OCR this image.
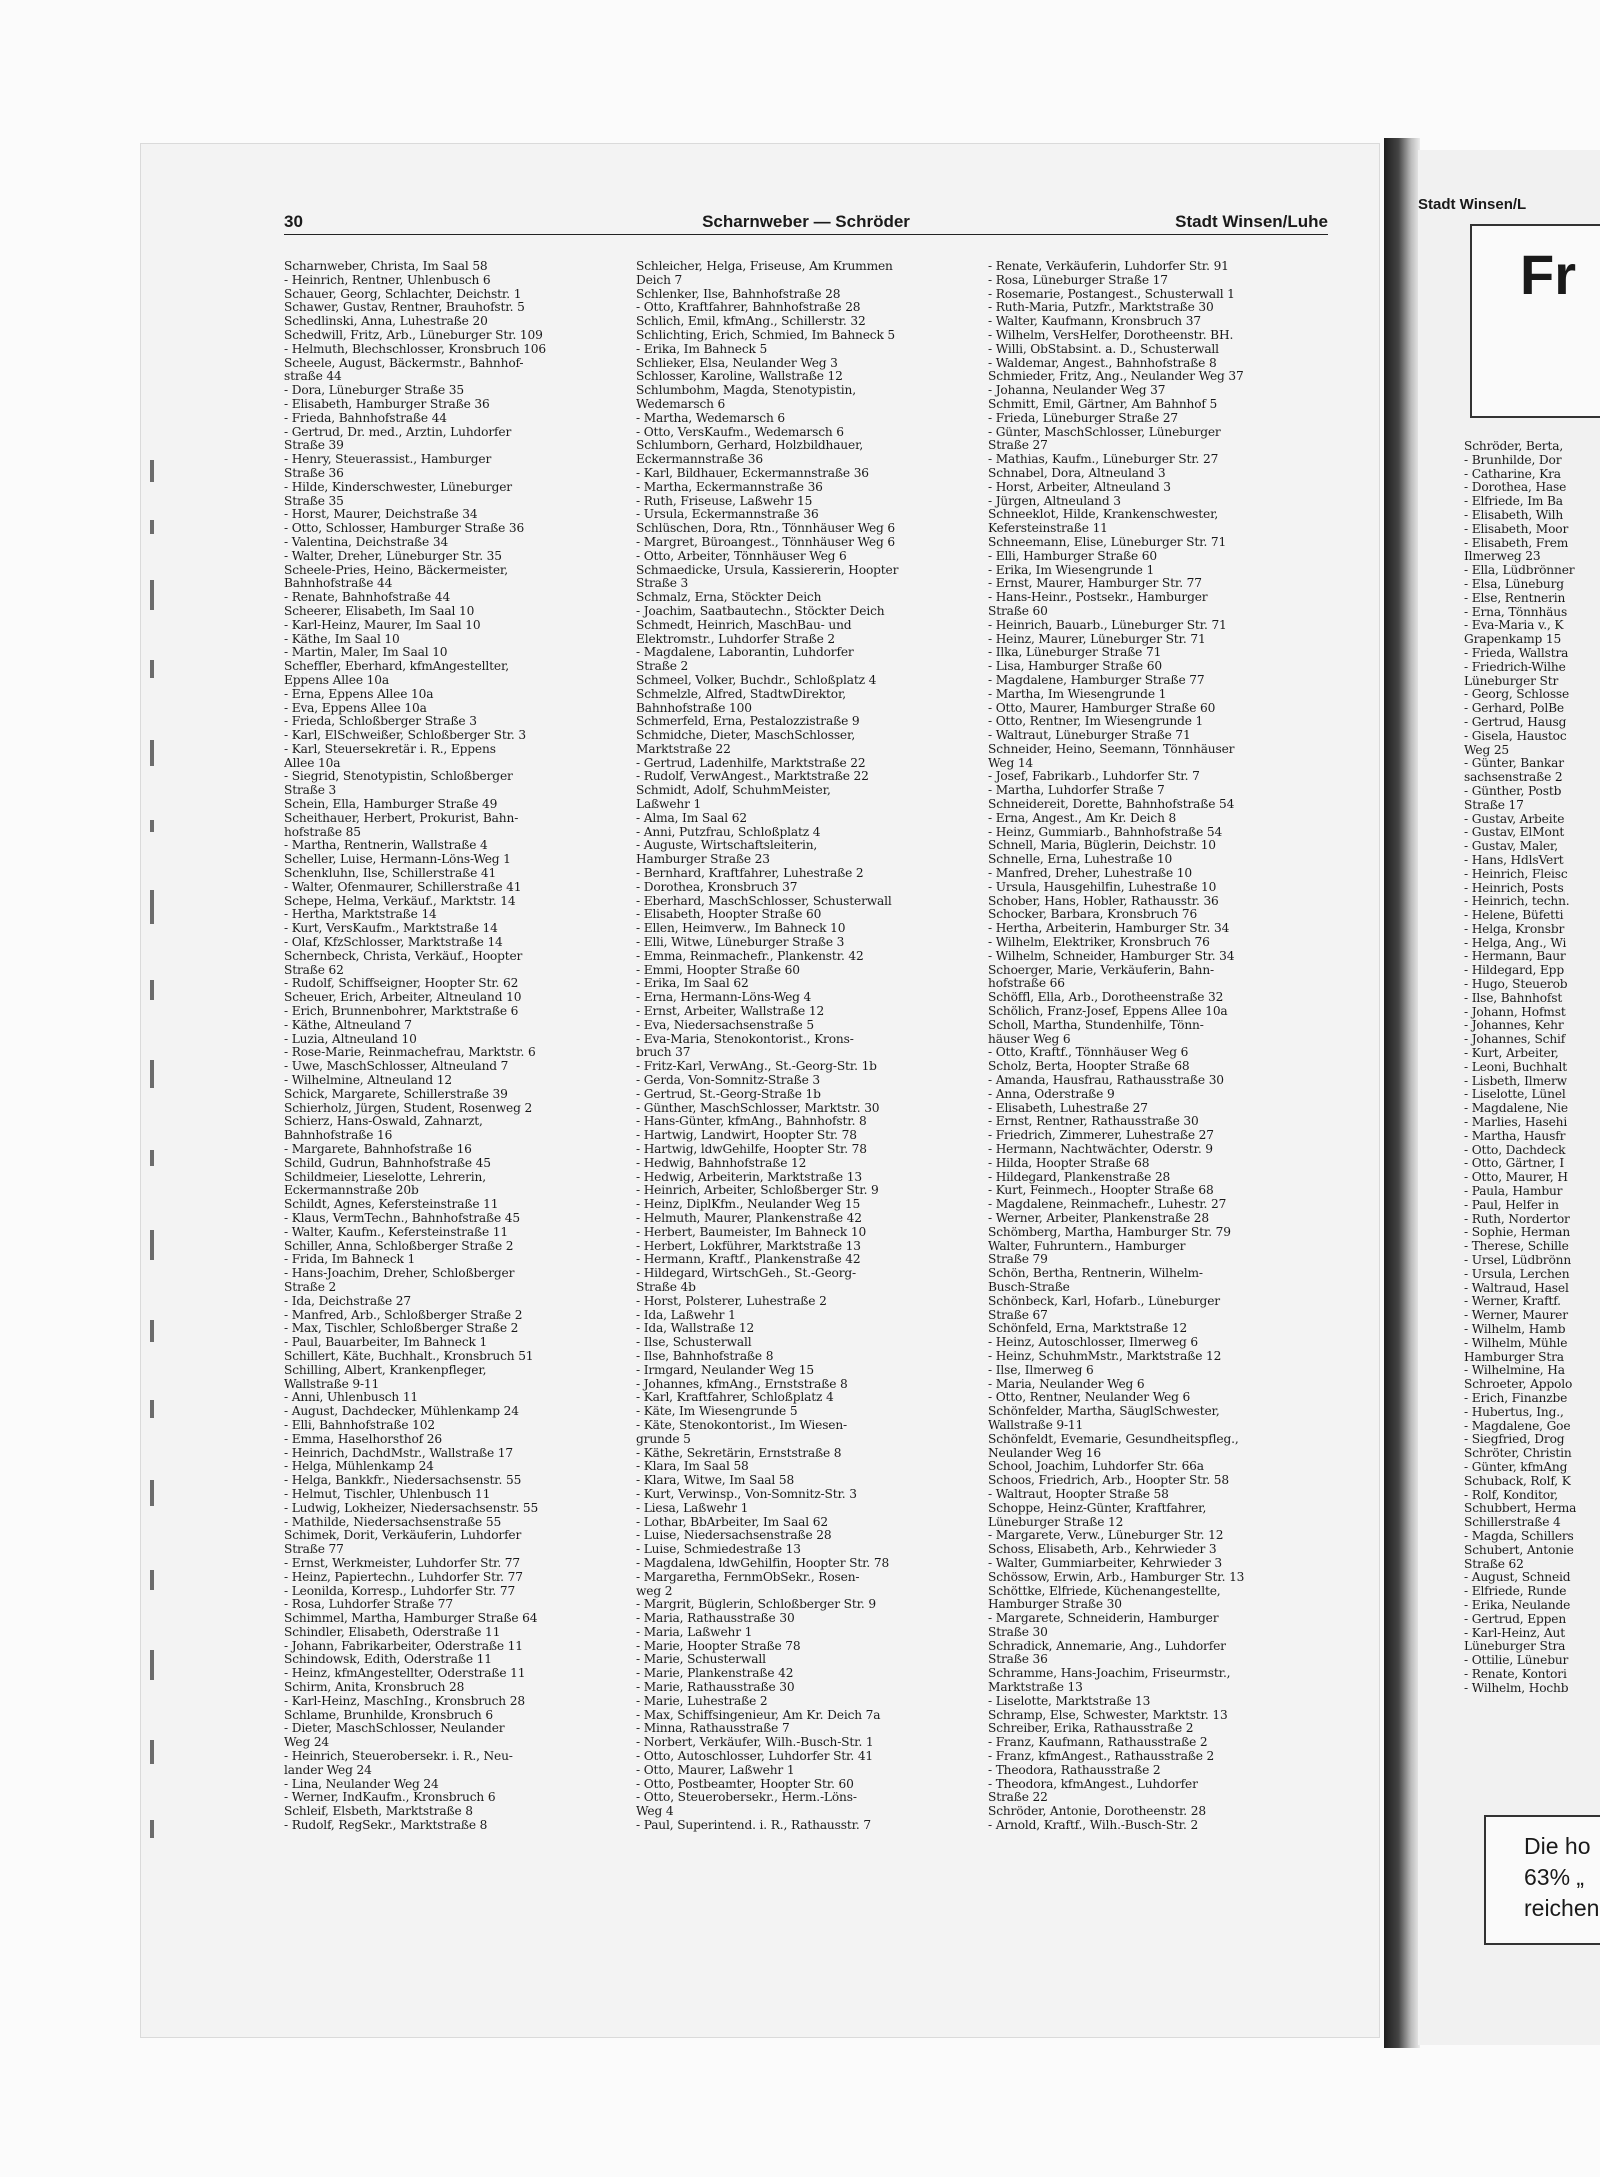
Scharnweber — Schröder
30	Stadt Winsen/Luhe
Scharnweber, Christa, Im Saal 58
- Heinrich, Rentner, Uhlenbusch 6
Schauer, Georg, Schlachter, Deichstr. 1
Schawer, Gustav, Rentner, Brauhofstr. 5
Schedlinski, Anna, Luhestraße 20
Schedwill, Fritz, Arb., Lüneburger Str. 109
- Helmuth, Blechschlosser, Kronsbruch 106
Scheele, August, Bäckermstr., Bahnhof-
straße 44
- Dora, Lüneburger Straße 35
- Elisabeth, Hamburger Straße 36
- Frieda, Bahnhofstraße 44
- Gertrud, Dr. med., Ärztin, Luhdorfer
Straße 39
- Henry, Steuerassist., Hamburger
Straße 36
- Hilde, Kinderschwester, Lüneburger
Straße 35
- Horst, Maurer, Deichstraße 34
- Otto, Schlosser, Hamburger Straße 36
- Valentina, Deichstraße 34
- Walter, Dreher, Lüneburger Str. 35
Scheele-Pries, Heino, Bäckermeister,
Bahnhofstraße 44
- Renate, Bahnhofstraße 44
Scheerer, Elisabeth, Im Saal 10
- Karl-Heinz, Maurer, Im Saal 10
- Käthe, Im Saal 10
- Martin, Maler, Im Saal 10
Scheffler, Eberhard, kfmAngestellter,
Eppens Allee 10a
- Erna, Eppens Allee 10a
- Eva, Eppens Allee 10a
- Frieda, Schloßberger Straße 3
- Karl, ElSchweißer, Schloßberger Str. 3
- Karl, Steuersekretär i. R., Eppens
Allee 10a
- Siegrid, Stenotypistin, Schloßberger
Straße 3
Schein, Ella, Hamburger Straße 49
Scheithauer, Herbert, Prokurist, Bahn-
hofstraße 85
- Martha, Rentnerin, Wallstraße 4
Scheller, Luise, Hermann-Löns-Weg 1
Schenkluhn, Ilse, Schillerstraße 41
- Walter, Ofenmaurer, Schillerstraße 41
Schepe, Helma, Verkäuf., Marktstr. 14
- Hertha, Marktstraße 14
- Kurt, VersKaufm., Marktstraße 14
- Olaf, KfzSchlosser, Marktstraße 14
Schernbeck, Christa, Verkäuf., Hoopter
Straße 62
- Rudolf, Schiffseigner, Hoopter Str. 62
Scheuer, Erich, Arbeiter, Altneuland 10
- Erich, Brunnenbohrer, Marktstraße 6
- Käthe, Altneuland 7
- Luzia, Altneuland 10
- Rose-Marie, Reinmachefrau, Marktstr. 6
- Uwe, MaschSchlosser, Altneuland 7
- Wilhelmine, Altneuland 12
Schick, Margarete, Schillerstraße 39
Schierholz, Jürgen, Student, Rosenweg 2
Schierz, Hans-Oswald, Zahnarzt,
Bahnhofstraße 16
- Margarete, Bahnhofstraße 16
Schild, Gudrun, Bahnhofstraße 45
Schildmeier, Lieselotte, Lehrerin,
Eckermannstraße 20b
Schildt, Agnes, Kefersteinstraße 11
- Klaus, VermTechn., Bahnhofstraße 45
- Walter, Kaufm., Kefersteinstraße 11
Schiller, Anna, Schloßberger Straße 2
- Frida, Im Bahneck 1
- Hans-Joachim, Dreher, Schloßberger
Straße 2
- Ida, Deichstraße 27
- Manfred, Arb., Schloßberger Straße 2
- Max, Tischler, Schloßberger Straße 2
- Paul, Bauarbeiter, Im Bahneck 1
Schillert, Käte, Buchhalt., Kronsbruch 51
Schilling, Albert, Krankenpfleger,
Wallstraße 9-11
- Anni, Uhlenbusch 11
- August, Dachdecker, Mühlenkamp 24
- Elli, Bahnhofstraße 102
- Emma, Haselhorsthof 26
- Heinrich, DachdMstr., Wallstraße 17
- Helga, Mühlenkamp 24
- Helga, Bankkfr., Niedersachsenstr. 55
- Helmut, Tischler, Uhlenbusch 11
- Ludwig, Lokheizer, Niedersachsenstr. 55
- Mathilde, Niedersachsenstraße 55
Schimek, Dorit, Verkäuferin, Luhdorfer
Straße 77
- Ernst, Werkmeister, Luhdorfer Str. 77
- Heinz, Papiertechn., Luhdorfer Str. 77
- Leonilda, Korresp., Luhdorfer Str. 77
- Rosa, Luhdorfer Straße 77
Schimmel, Martha, Hamburger Straße 64
Schindler, Elisabeth, Oderstraße 11
- Johann, Fabrikarbeiter, Oderstraße 11
Schindowsk, Edith, Oderstraße 11
- Heinz, kfmAngestellter, Oderstraße 11
Schirm, Anita, Kronsbruch 28
- Karl-Heinz, MaschIng., Kronsbruch 28
Schlame, Brunhilde, Kronsbruch 6
- Dieter, MaschSchlosser, Neulander
Weg 24
- Heinrich, Steuerobersekr. i. R., Neu-
lander Weg 24
- Lina, Neulander Weg 24
- Werner, IndKaufm., Kronsbruch 6
Schleif, Elsbeth, Marktstraße 8
- Rudolf, RegSekr., Marktstraße 8
Schleicher, Helga, Friseuse, Am Krummen
Deich 7
Schlenker, Ilse, Bahnhofstraße 28
- Otto, Kraftfahrer, Bahnhofstraße 28
Schlich, Emil, kfmAng., Schillerstr. 32
Schlichting, Erich, Schmied, Im Bahneck 5
- Erika, Im Bahneck 5
Schlieker, Elsa, Neulander Weg 3
Schlosser, Karoline, Wallstraße 12
Schlumbohm, Magda, Stenotypistin,
Wedemarsch 6
- Martha, Wedemarsch 6
- Otto, VersKaufm., Wedemarsch 6
Schlumborn, Gerhard, Holzbildhauer,
Eckermannstraße 36
- Karl, Bildhauer, Eckermannstraße 36
- Martha, Eckermannstraße 36
- Ruth, Friseuse, Laßwehr 15
- Ursula, Eckermannstraße 36
Schlüschen, Dora, Rtn., Tönnhäuser Weg 6
- Margret, Büroangest., Tönnhäuser Weg 6
- Otto, Arbeiter, Tönnhäuser Weg 6
Schmaedicke, Ursula, Kassiererin, Hoopter
Straße 3
Schmalz, Erna, Stöckter Deich
- Joachim, Saatbautechn., Stöckter Deich
Schmedt, Heinrich, MaschBau- und
Elektromstr., Luhdorfer Straße 2
- Magdalene, Laborantin, Luhdorfer
Straße 2
Schmeel, Volker, Buchdr., Schloßplatz 4
Schmelzle, Alfred, StadtwDirektor,
Bahnhofstraße 100
Schmerfeld, Erna, Pestalozzistraße 9
Schmidche, Dieter, MaschSchlosser,
Marktstraße 22
- Gertrud, Ladenhilfe, Marktstraße 22
- Rudolf, VerwAngest., Marktstraße 22
Schmidt, Adolf, SchuhmMeister,
Laßwehr 1
- Alma, Im Saal 62
- Anni, Putzfrau, Schloßplatz 4
- Auguste, Wirtschaftsleiterin,
Hamburger Straße 23
- Bernhard, Kraftfahrer, Luhestraße 2
- Dorothea, Kronsbruch 37
- Eberhard, MaschSchlosser, Schusterwall
- Elisabeth, Hoopter Straße 60
- Ellen, Heimverw., Im Bahneck 10
- Elli, Witwe, Lüneburger Straße 3
- Emma, Reinmachefr., Plankenstr. 42
- Emmi, Hoopter Straße 60
- Erika, Im Saal 62
- Erna, Hermann-Löns-Weg 4
- Ernst, Arbeiter, Wallstraße 12
- Eva, Niedersachsenstraße 5
- Eva-Maria, Stenokontorist., Krons-
bruch 37
- Fritz-Karl, VerwAng., St.-Georg-Str. 1b
- Gerda, Von-Somnitz-Straße 3
- Gertrud, St.-Georg-Straße 1b
- Günther, MaschSchlosser, Marktstr. 30
- Hans-Günter, kfmAng., Bahnhofstr. 8
- Hartwig, Landwirt, Hoopter Str. 78
- Hartwig, ldwGehilfe, Hoopter Str. 78
- Hedwig, Bahnhofstraße 12
- Hedwig, Arbeiterin, Marktstraße 13
- Heinrich, Arbeiter, Schloßberger Str. 9
- Heinz, DiplKfm., Neulander Weg 15
- Helmuth, Maurer, Plankenstraße 42
- Herbert, Baumeister, Im Bahneck 10
- Herbert, Lokführer, Marktstraße 13
- Hermann, Kraftf., Plankenstraße 42
- Hildegard, WirtschGeh., St.-Georg-
Straße 4b
- Horst, Polsterer, Luhestraße 2
- Ida, Laßwehr 1
- Ida, Wallstraße 12
- Ilse, Schusterwall
- Ilse, Bahnhofstraße 8
- Irmgard, Neulander Weg 15
- Johannes, kfmAng., Ernststraße 8
- Karl, Kraftfahrer, Schloßplatz 4
- Käte, Im Wiesengrunde 5
- Käte, Stenokontorist., Im Wiesen-
grunde 5
- Käthe, Sekretärin, Ernststraße 8
- Klara, Im Saal 58
- Klara, Witwe, Im Saal 58
- Kurt, Verwinsp., Von-Somnitz-Str. 3
- Liesa, Laßwehr 1
- Lothar, BbArbeiter, Im Saal 62
- Luise, Niedersachsenstraße 28
- Luise, Schmiedestraße 13
- Magdalena, ldwGehilfin, Hoopter Str. 78
- Margaretha, FernmObSekr., Rosen-
weg 2
- Margrit, Büglerin, Schloßberger Str. 9
- Maria, Rathausstraße 30
- Maria, Laßwehr 1
- Marie, Hoopter Straße 78
- Marie, Schusterwall
- Marie, Plankenstraße 42
- Marie, Rathausstraße 30
- Marie, Luhestraße 2
- Max, Schiffsingenieur, Am Kr. Deich 7a
- Minna, Rathausstraße 7
- Norbert, Verkäufer, Wilh.-Busch-Str. 1
- Otto, Autoschlosser, Luhdorfer Str. 41
- Otto, Maurer, Laßwehr 1
- Otto, Postbeamter, Hoopter Str. 60
- Otto, Steuerobersekr., Herm.-Löns-
Weg 4
- Paul, Superintend. i. R., Rathausstr. 7
- Renate, Verkäuferin, Luhdorfer Str. 91
- Rosa, Lüneburger Straße 17
- Rosemarie, Postangest., Schusterwall 1
- Ruth-Maria, Putzfr., Marktstraße 30
- Walter, Kaufmann, Kronsbruch 37
- Wilhelm, VersHelfer, Dorotheenstr. BH.
- Willi, ObStabsint. a. D., Schusterwall
- Waldemar, Angest., Bahnhofstraße 8
Schmieder, Fritz, Ang., Neulander Weg 37
- Johanna, Neulander Weg 37
Schmitt, Emil, Gärtner, Am Bahnhof 5
- Frieda, Lüneburger Straße 27
- Günter, MaschSchlosser, Lüneburger
Straße 27
- Mathias, Kaufm., Lüneburger Str. 27
Schnabel, Dora, Altneuland 3
- Horst, Arbeiter, Altneuland 3
- Jürgen, Altneuland 3
Schneeklot, Hilde, Krankenschwester,
Kefersteinstraße 11
Schneemann, Elise, Lüneburger Str. 71
- Elli, Hamburger Straße 60
- Erika, Im Wiesengrunde 1
- Ernst, Maurer, Hamburger Str. 77
- Hans-Heinr., Postsekr., Hamburger
Straße 60
- Heinrich, Bauarb., Lüneburger Str. 71
- Heinz, Maurer, Lüneburger Str. 71
- Ilka, Lüneburger Straße 71
- Lisa, Hamburger Straße 60
- Magdalene, Hamburger Straße 77
- Martha, Im Wiesengrunde 1
- Otto, Maurer, Hamburger Straße 60
- Otto, Rentner, Im Wiesengrunde 1
- Waltraut, Lüneburger Straße 71
Schneider, Heino, Seemann, Tönnhäuser
Weg 14
- Josef, Fabrikarb., Luhdorfer Str. 7
- Martha, Luhdorfer Straße 7
Schneidereit, Dorette, Bahnhofstraße 54
- Erna, Angest., Am Kr. Deich 8
- Heinz, Gummiarb., Bahnhofstraße 54
Schnell, Maria, Büglerin, Deichstr. 10
Schnelle, Erna, Luhestraße 10
- Manfred, Dreher, Luhestraße 10
- Ursula, Hausgehilfin, Luhestraße 10
Schober, Hans, Hobler, Rathausstr. 36
Schocker, Barbara, Kronsbruch 76
- Hertha, Arbeiterin, Hamburger Str. 34
- Wilhelm, Elektriker, Kronsbruch 76
- Wilhelm, Schneider, Hamburger Str. 34
Schoerger, Marie, Verkäuferin, Bahn-
hofstraße 66
Schöffl, Ella, Arb., Dorotheenstraße 32
Schölich, Franz-Josef, Eppens Allee 10a
Scholl, Martha, Stundenhilfe, Tönn-
häuser Weg 6
- Otto, Kraftf., Tönnhäuser Weg 6
Scholz, Berta, Hoopter Straße 68
- Amanda, Hausfrau, Rathausstraße 30
- Anna, Oderstraße 9
- Elisabeth, Luhestraße 27
- Ernst, Rentner, Rathausstraße 30
- Friedrich, Zimmerer, Luhestraße 27
- Hermann, Nachtwächter, Oderstr. 9
- Hilda, Hoopter Straße 68
- Hildegard, Plankenstraße 28
- Kurt, Feinmech., Hoopter Straße 68
- Magdalene, Reinmachefr., Luhestr. 27
- Werner, Arbeiter, Plankenstraße 28
Schömberg, Martha, Hamburger Str. 79
Walter, Fuhruntern., Hamburger
Straße 79
Schön, Bertha, Rentnerin, Wilhelm-
Busch-Straße
Schönbeck, Karl, Hofarb., Lüneburger
Straße 67
Schönfeld, Erna, Marktstraße 12
- Heinz, Autoschlosser, Ilmerweg 6
- Heinz, SchuhmMstr., Marktstraße 12
- Ilse, Ilmerweg 6
- Maria, Neulander Weg 6
- Otto, Rentner, Neulander Weg 6
Schönfelder, Martha, SäuglSchwester,
Wallstraße 9-11
Schönfeldt, Evemarie, Gesundheitspfleg.,
Neulander Weg 16
School, Joachim, Luhdorfer Str. 66a
Schoos, Friedrich, Arb., Hoopter Str. 58
- Waltraut, Hoopter Straße 58
Schoppe, Heinz-Günter, Kraftfahrer,
Lüneburger Straße 12
- Margarete, Verw., Lüneburger Str. 12
Schoss, Elisabeth, Arb., Kehrwieder 3
- Walter, Gummiarbeiter, Kehrwieder 3
Schössow, Erwin, Arb., Hamburger Str. 13
Schöttke, Elfriede, Küchenangestellte,
Hamburger Straße 30
- Margarete, Schneiderin, Hamburger
Straße 30
Schradick, Annemarie, Ang., Luhdorfer
Straße 36
Schramme, Hans-Joachim, Friseurmstr.,
Marktstraße 13
- Liselotte, Marktstraße 13
Schramp, Else, Schwester, Marktstr. 13
Schreiber, Erika, Rathausstraße 2
- Franz, Kaufmann, Rathausstraße 2
- Franz, kfmAngest., Rathausstraße 2
- Theodora, Rathausstraße 2
- Theodora, kfmAngest., Luhdorfer
Straße 22
Schröder, Antonie, Dorotheenstr. 28
- Arnold, Kraftf., Wilh.-Busch-Str. 2
Stadt Winsen/L
Fr
Schröder, Berta,
- Brunhilde, Dor
- Catharine, Kra
- Dorothea, Hase
- Elfriede, Im Ba
- Elisabeth, Wilh
- Elisabeth, Moor
- Elisabeth, Frem
Ilmerweg 23
- Ella, Lüdbrönner
- Elsa, Lüneburg
- Else, Rentnerin
- Erna, Tönnhäus
- Eva-Maria v., K
Grapenkamp 15
- Frieda, Wallstra
- Friedrich-Wilhe
Lüneburger Str
- Georg, Schlosse
- Gerhard, PolBe
- Gertrud, Hausg
- Gisela, Haustoc
Weg 25
- Günter, Bankar
sachsenstraße 2
- Günther, Postb
Straße 17
- Gustav, Arbeite
- Gustav, ElMont
- Gustav, Maler,
- Hans, HdlsVert
- Heinrich, Fleisc
- Heinrich, Posts
- Heinrich, techn.
- Helene, Büfetti
- Helga, Kronsbr
- Helga, Ang., Wi
- Hermann, Baur
- Hildegard, Epp
- Hugo, Steuerob
- Ilse, Bahnhofst
- Johann, Hofmst
- Johannes, Kehr
- Johannes, Schif
- Kurt, Arbeiter,
- Leoni, Buchhalt
- Lisbeth, Ilmerw
- Liselotte, Lünel
- Magdalene, Nie
- Marlies, Hasehi
- Martha, Hausfr
- Otto, Dachdeck
- Otto, Gärtner, I
- Otto, Maurer, H
- Paula, Hambur
- Paul, Helfer in
- Ruth, Nordertor
- Sophie, Herman
- Therese, Schille
- Ursel, Lüdbrönn
- Ursula, Lerchen
- Waltraud, Hasel
- Werner, Kraftf.
- Werner, Maurer
- Wilhelm, Hamb
- Wilhelm, Mühle
Hamburger Stra
- Wilhelmine, Ha
Schroeter, Appolo
- Erich, Finanzbe
- Hubertus, Ing.,
- Magdalene, Goe
- Siegfried, Drog
Schröter, Christin
- Günter, kfmAng
Schuback, Rolf, K
- Rolf, Konditor,
Schubbert, Herma
Schillerstraße 4
- Magda, Schillers
Schubert, Antonie
Straße 62
- August, Schneid
- Elfriede, Runde
- Erika, Neulande
- Gertrud, Eppen
- Karl-Heinz, Aut
Lüneburger Stra
- Ottilie, Lünebur
- Renate, Kontori
- Wilhelm, Hochb
Die ho
63% „
reichen
